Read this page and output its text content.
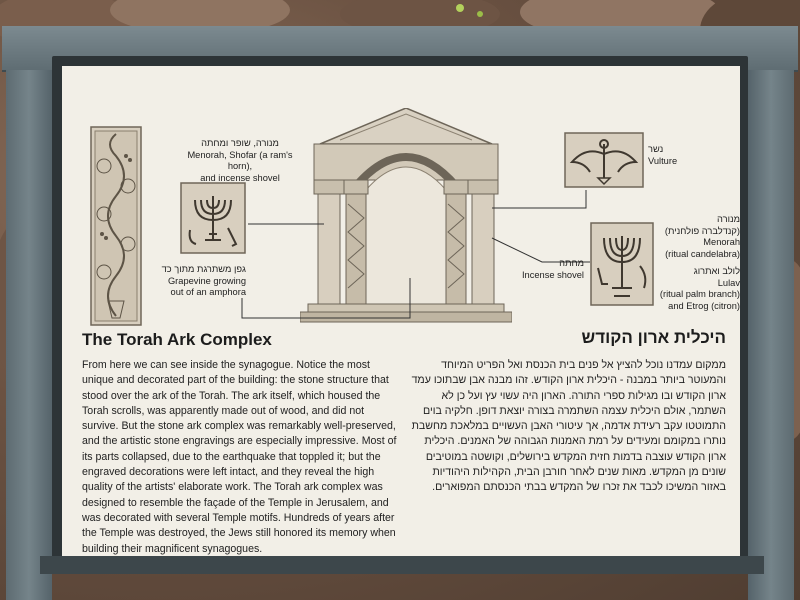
מנורה, שופר ומחתה
Menorah, Shofar (a ram's horn),
and incense shovel
גפן משתרגת מתוך כד
Grapevine growing
out of an amphora
נשר
Vulture
מנורה
(קנדלברה פולחנית)
Menorah
(ritual candelabra)
מחתה
Incense shovel	לולב ואתרוג
Lulav
(ritual palm branch)
and Etrog (citron)
The Torah Ark Complex	היכלית ארון הקודש
From here we can see inside the synagogue. Notice the most unique and decorated part of the building: the stone structure that stood over the ark of the Torah. The ark itself, which housed the Torah scrolls, was apparently made out of wood, and did not survive. But the stone ark complex was remarkably well-preserved, and the artistic stone engravings are especially impressive. Most of its parts collapsed, due to the earthquake that toppled it; but the engraved decorations were left intact, and they reveal the high quality of the artists' elaborate work. The Torah ark complex was designed to resemble the façade of the Temple in Jerusalem, and was decorated with several Temple motifs. Hundreds of years after the Temple was destroyed, the Jews still honored its memory when building their magnificent synagogues.
ממקום עמדנו נוכל להציץ אל פנים בית הכנסת ואל הפריט המיוחד והמעוטר ביותר במבנה - היכלית ארון הקודש. זהו מבנה אבן שבתוכו עמד ארון הקודש ובו מגילות ספרי התורה. הארון היה עשוי עץ ועל כן לא השתמר, אולם היכלית עצמה השתמרה בצורה יוצאת דופן. חלקיה בוים התמוטטו עקב רעידת אדמה, אך עיטורי האבן העשויים במלאכת מחשבת נותרו במקומם ומעידים על רמת האמנות הגבוהה של האמנים. היכלית ארון הקודש עוצבה בדמות חזית המקדש בירושלים, וקושטה במוטיבים שונים מן המקדש. מאות שנים לאחר חורבן הבית, הקהילות היהודיות באזור המשיכו לכבד את זכרו של המקדש בבתי הכנסתם המפוארים.
